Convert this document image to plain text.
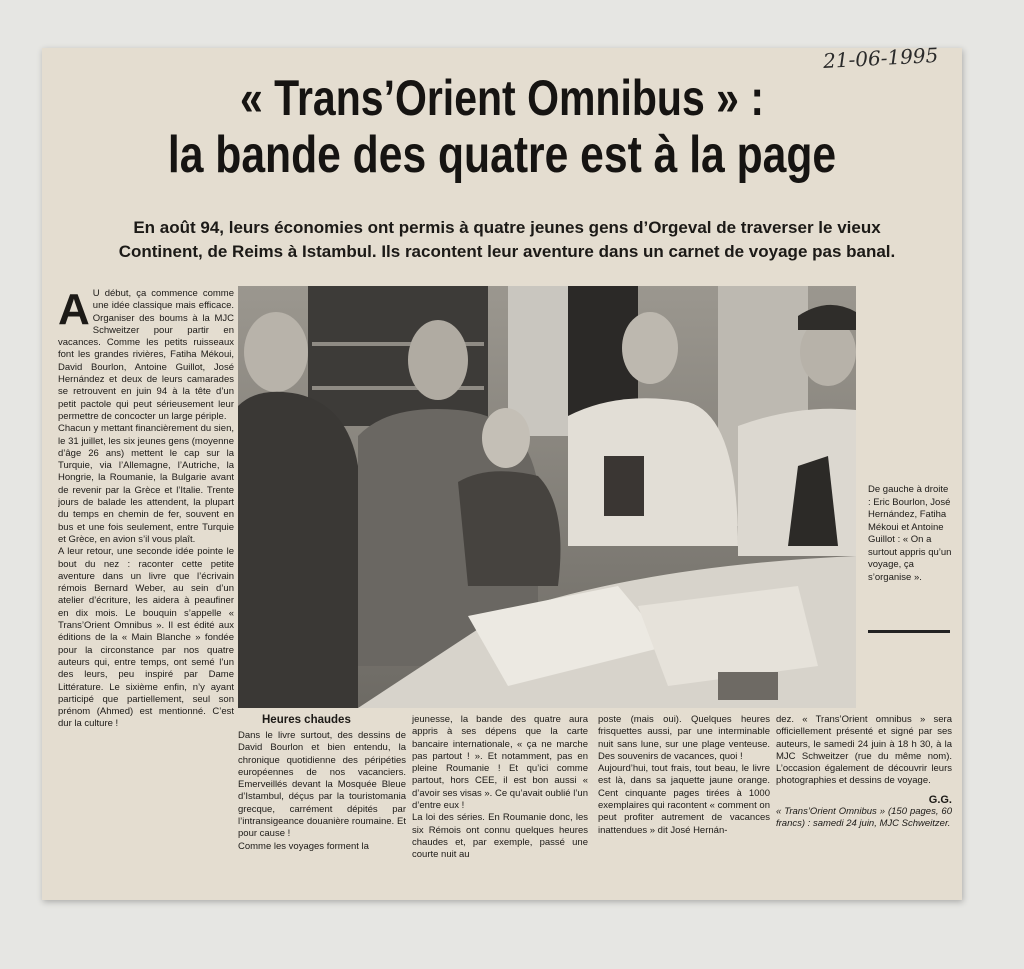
21-06-1995
« Trans’Orient Omnibus » :
la bande des quatre est à la page
En août 94, leurs économies ont permis à quatre jeunes gens d’Orgeval de traverser le vieux
Continent, de Reims à Istambul. Ils racontent leur aventure dans un carnet de voyage pas banal.
A U début, ça commence comme une idée classique mais efficace. Organiser des boums à la MJC Schweitzer pour partir en vacances. Comme les petits ruisseaux font les grandes rivières, Fatiha Mékoui, David Bourlon, Antoine Guillot, José Hernández et deux de leurs camarades se retrouvent en juin 94 à la tête d’un petit pactole qui peut sérieusement leur permettre de concocter un large périple.

Chacun y mettant financièrement du sien, le 31 juillet, les six jeunes gens (moyenne d’âge 26 ans) mettent le cap sur la Turquie, via l’Allemagne, l’Autriche, la Hongrie, la Roumanie, la Bulgarie avant de revenir par la Grèce et l’Italie. Trente jours de balade les attendent, la plupart du temps en chemin de fer, souvent en bus et une fois seulement, entre Turquie et Grèce, en avion s’il vous plaît.

A leur retour, une seconde idée pointe le bout du nez : raconter cette petite aventure dans un livre que l’écrivain rémois Bernard Weber, au sein d’un atelier d’écriture, les aidera à peaufiner en dix mois. Le bouquin s’appelle « Trans’Orient Omnibus ». Il est édité aux éditions de la « Main Blanche » fondée pour la circonstance par nos quatre auteurs qui, entre temps, ont semé l’un des leurs, peu inspiré par Dame Littérature. Le sixième enfin, n’y ayant participé que partiellement, seul son prénom (Ahmed) est mentionné. C’est dur la culture !

De gauche à droite : Eric Bourlon, José Hernández, Fatiha Mékoui et Antoine Guillot : « On a surtout appris qu’un voyage, ça s’organise ».
Heures chaudes

Dans le livre surtout, des dessins de David Bourlon et bien entendu, la chronique quotidienne des péripéties européennes de nos vacanciers. Emerveillés devant la Mosquée Bleue d’Istambul, déçus par la touristomania grecque, carrément dépités par l’intransigeance douanière roumaine. Et pour cause !

Comme les voyages forment la

jeunesse, la bande des quatre aura appris à ses dépens que la carte bancaire internationale, « ça ne marche pas partout ! ». Et notamment, pas en pleine Roumanie ! Et qu’ici comme partout, hors CEE, il est bon aussi « d’avoir ses visas ». Ce qu’avait oublié l’un d’entre eux !

La loi des séries. En Roumanie donc, les six Rémois ont connu quelques heures chaudes et, par exemple, passé une courte nuit au

poste (mais oui). Quelques heures frisquettes aussi, par une interminable nuit sans lune, sur une plage venteuse. Des souvenirs de vacances, quoi !

Aujourd’hui, tout frais, tout beau, le livre est là, dans sa jaquette jaune orange. Cent cinquante pages tirées à 1000 exemplaires qui racontent « comment on peut profiter autrement de vacances inattendues » dit José Hernán-

dez. « Trans’Orient omnibus » sera officiellement présenté et signé par ses auteurs, le samedi 24 juin à 18 h 30, à la MJC Schweitzer (rue du même nom). L’occasion également de découvrir leurs photographies et dessins de voyage.

G.G.

« Trans’Orient Omnibus » (150 pages, 60 francs) : samedi 24 juin, MJC Schweitzer.
